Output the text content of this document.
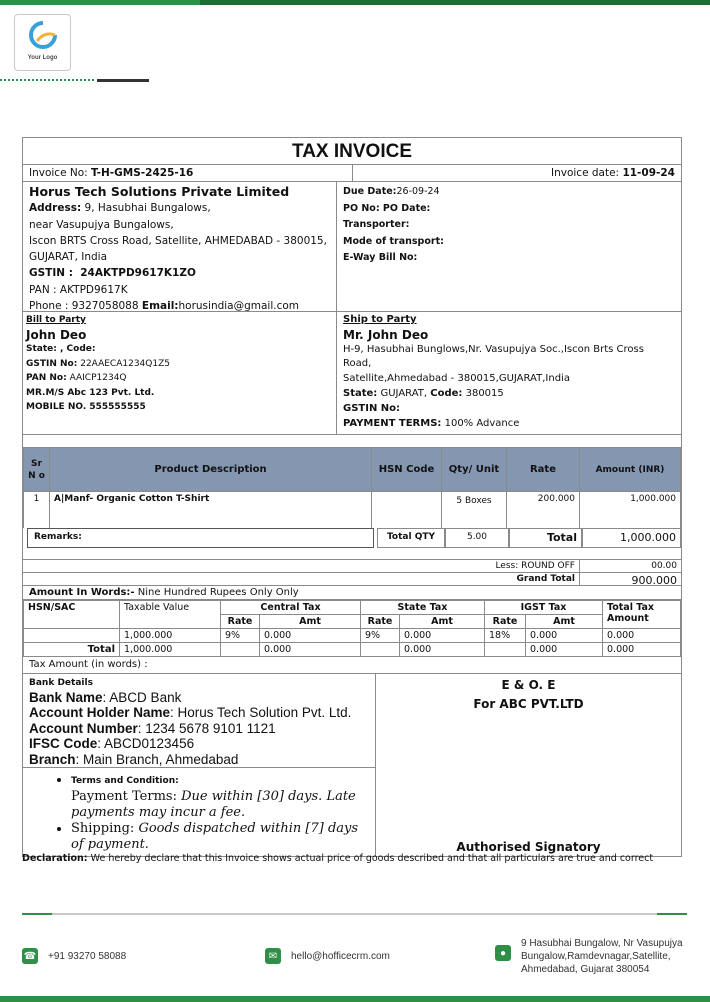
Your Logo
TAX INVOICE
Invoice No: T-H-GMS-2425-16	Invoice date: 11-09-24
Horus Tech Solutions Private Limited
Address: 9, Hasubhai Bungalows,
near Vasupujya Bungalows,
Iscon BRTS Cross Road, Satellite, AHMEDABAD - 380015,
GUJARAT, India
GSTIN : 24AKTPD9617K1ZO
PAN : AKTPD9617K
Phone : 9327058088 Email:horusindia@gmail.com
Due Date:26-09-24
PO No: PO Date:
Transporter:
Mode of transport:
E-Way Bill No:
Bill to Party
John Deo
State: , Code:
GSTIN No: 22AAECA1234Q1Z5
PAN No: AAICP1234Q
MR.M/S Abc 123 Pvt. Ltd.
MOBILE NO. 555555555
Ship to Party
Mr. John Deo
H-9, Hasubhai Bunglows,Nr. Vasupujya Soc.,Iscon Brts Cross Road,
Satellite,Ahmedabad - 380015,GUJARAT,India
State: GUJARAT, Code: 380015
GSTIN No:
PAYMENT TERMS: 100% Advance
Sr N o	Product Description	HSN Code	Qty/ Unit	Rate	Amount (INR)
1	A|Manf- Organic Cotton T-Shirt		5 Boxes	200.000	1,000.000
Remarks:	Total QTY	5.00	Total	1,000.000
Less: ROUND OFF	00.00
Grand Total	900.000
Amount In Words:- Nine Hundred Rupees Only Only
HSN/SAC	Taxable Value	Central Tax		State Tax		IGST Tax		Total Tax Amount
		Rate	Amt	Rate	Amt	Rate	Amt	
	1,000.000	9%	0.000	9%	0.000	18%	0.000	0.000
Total	1,000.000		0.000		0.000		0.000	0.000
Tax Amount (in words) :
Bank Details
Bank Name: ABCD Bank
Account Holder Name: Horus Tech Solution Pvt. Ltd.
Account Number: 1234 5678 9101 1121
IFSC Code: ABCD0123456
Branch: Main Branch, Ahmedabad
• Terms and Condition:
Payment Terms: Due within [30] days. Late payments may incur a fee.
• Shipping: Goods dispatched within [7] days of payment.
E & O. E
For ABC PVT.LTD
Authorised Signatory
Declaration: We hereby declare that this Invoice shows actual price of goods described and that all particulars are true and correct
☎ +91 93270 58088	✉	hello@hofficecrm.com	●
9 Hasubhai Bungalow, Nr Vasupujya Bungalow,Ramdevnagar,Satellite, Ahmedabad, Gujarat 380054
